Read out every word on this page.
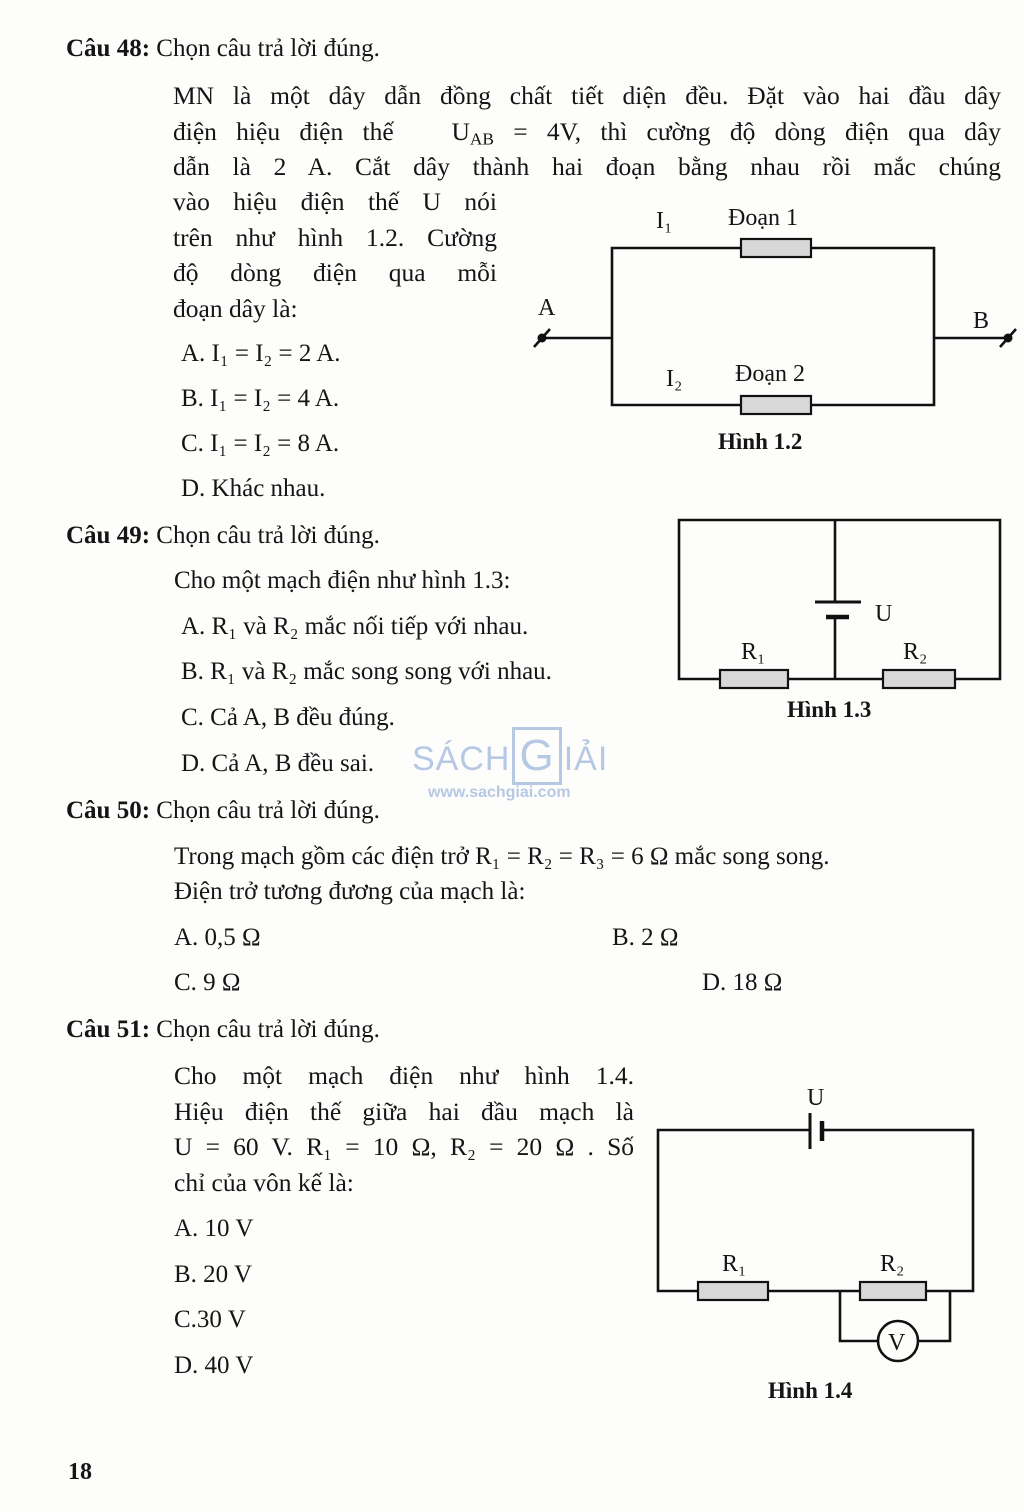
Câu 48: Chọn câu trả lời đúng.
MN là một dây dẫn đồng chất tiết diện đều. Đặt vào hai đầu dây
điện hiệu điện thế $U_{AB} = 4V$, thì cường độ dòng điện qua dây
dẫn là 2 A. Cắt dây thành hai đoạn bằng nhau rồi mắc chúng
vào hiệu điện thế U nói
trên như hình 1.2. Cường
độ dòng điện qua mỗi
đoạn dây là:
A. I₁ = I₂ = 2 A.
B. I₁ = I₂ = 4 A.
C. I₁ = I₂ = 8 A.
D. Khác nhau.
I₁ Đoạn 1
I₂ Đoạn 2
A	B
Hình 1.2
Câu 49: Chọn câu trả lời đúng.
Cho một mạch điện như hình 1.3:
A. R₁ và R₂ mắc nối tiếp với nhau.
B. R₁ và R₂ mắc song song với nhau.
C. Cả A, B đều đúng.
D. Cả A, B đều sai.
U
R₁	R₂
Hình 1.3
SÁCH G IẢI
www.sachgiai.com
Câu 50: Chọn câu trả lời đúng.
Trong mạch gồm các điện trở R₁ = R₂ = R₃ = 6 Ω mắc song song.
Điện trở tương đương của mạch là:
A. 0,5 Ω	B. 2 Ω
C. 9 Ω	D. 18 Ω
Câu 51: Chọn câu trả lời đúng.
Cho một mạch điện như hình 1.4.
Hiệu điện thế giữa hai đầu mạch là
U = 60 V. R₁ = 10 Ω, R₂ = 20 Ω . Số
chỉ của vôn kế là:
A. 10 V
B. 20 V
C.30 V
D. 40 V
V
U
R₁	R₂
Hình 1.4
18
